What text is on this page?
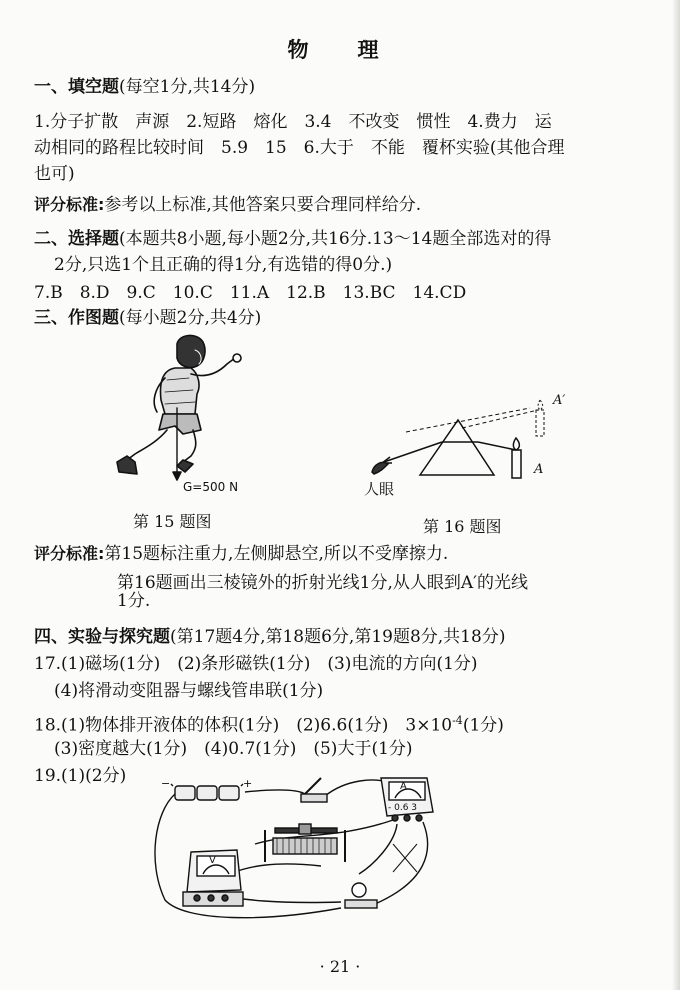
物　理
一、填空题(每空1分,共14分)
1.分子扩散　声源　2.短路　熔化　3.4　不改变　惯性　4.费力　运
动相同的路程比较时间　5.9　15　6.大于　不能　覆杯实验(其他合理
也可)
评分标准:参考以上标准,其他答案只要合理同样给分.
二、选择题(本题共8小题,每小题2分,共16分.13～14题全部选对的得
2分,只选1个且正确的得1分,有选错的得0分.)
7.B　8.D　9.C　10.C　11.A　12.B　13.BC　14.CD
三、作图题(每小题2分,共4分)
G=500 N
第 15 题图
A′
A
人眼
第 16 题图
评分标准:第15题标注重力,左侧脚悬空,所以不受摩擦力.
第16题画出三棱镜外的折射光线1分,从人眼到A′的光线
1分.
四、实验与探究题(第17题4分,第18题6分,第19题8分,共18分)
17.(1)磁场(1分)　(2)条形磁铁(1分)　(3)电流的方向(1分)
(4)将滑动变阻器与螺线管串联(1分)
18.(1)物体排开液体的体积(1分)　(2)6.6(1分)　$3\times 10^{-4}(1$分)
(3)密度越大(1分)　(4)0.7(1分)　(5)大于(1分)
19.(1)(2分)	−	+	A
- 0.6 3
V
· 21 ·
